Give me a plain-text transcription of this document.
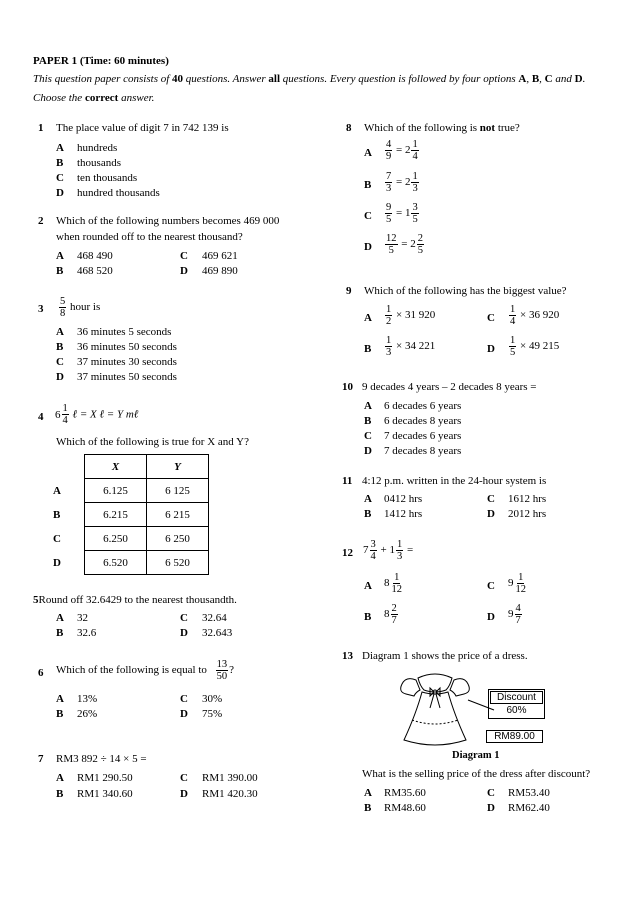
PAPER 1 (Time: 60 minutes)
This question paper consists of 40 questions. Answer all questions. Every question is followed by four options A, B, C and D. Choose the correct answer.
1 The place value of digit 7 in 742 139 is
A hundreds
B thousands
C ten thousands
D hundred thousands
2 Which of the following numbers becomes 469 000
when rounded off to the nearest thousand?
A 468 490
B 468 520
C 469 621
D 469 890
$3 \frac{5}{8}$ hour is
A 36 minutes 5 seconds
B 36 minutes 50 seconds
C 37 minutes 30 seconds
D 37 minutes 50 seconds
4 $6 \frac{1}{4}$ ℓ = X ℓ = Y mℓ
Which of the following is true for X and Y?
	X	Y
A	6.125	6 125
B	6.215	6 215
C	6.250	6 250
D	6.520	6 520
5Round off 32.6429 to the nearest thousandth.
A 32
B 32.6
C 32.64
D 32.643
6 Which of the following is equal to $\frac{13}{50}$ ?
A 13%
B 26%
C 30%
D 75%
7 RM3 892 ÷ 14 × 5 =
A RM1 290.50
B RM1 340.60
C RM1 390.00
D RM1 420.30
8 Which of the following is not true?
A $\frac{4}{9} = 2 \frac{1}{4}$
B $\frac{7}{3} = 2 \frac{1}{3}$
C $\frac{9}{5} = 1 \frac{3}{5}$
D $\frac{12}{5} = 2 \frac{2}{5}$
9 Which of the following has the biggest value?
A $\frac{1}{2} \times 31$ 920
B $\frac{1}{3} \times 34$ 221
C $\frac{1}{4} \times 36$ 920
D $\frac{1}{5} \times 49$ 215
10 9 decades 4 years – 2 decades 8 years =
A 6 decades 6 years
B 6 decades 8 years
C 7 decades 6 years
D 7 decades 8 years
11 4:12 p.m. written in the 24-hour system is
A 0412 hrs
B 1412 hrs
C 1612 hrs
D 2012 hrs
12 $7 \frac{3}{4} + 1 \frac{1}{3}$ =
A $8 \frac{1}{12}$
B $8 \frac{2}{7}$
C $9 \frac{1}{12}$
D $9 \frac{4}{7}$
13 Diagram 1 shows the price of a dress.
Discount
60%
RM89.00
Diagram 1
What is the selling price of the dress after discount?
A RM35.60
B RM48.60
C RM53.40
D RM62.40
